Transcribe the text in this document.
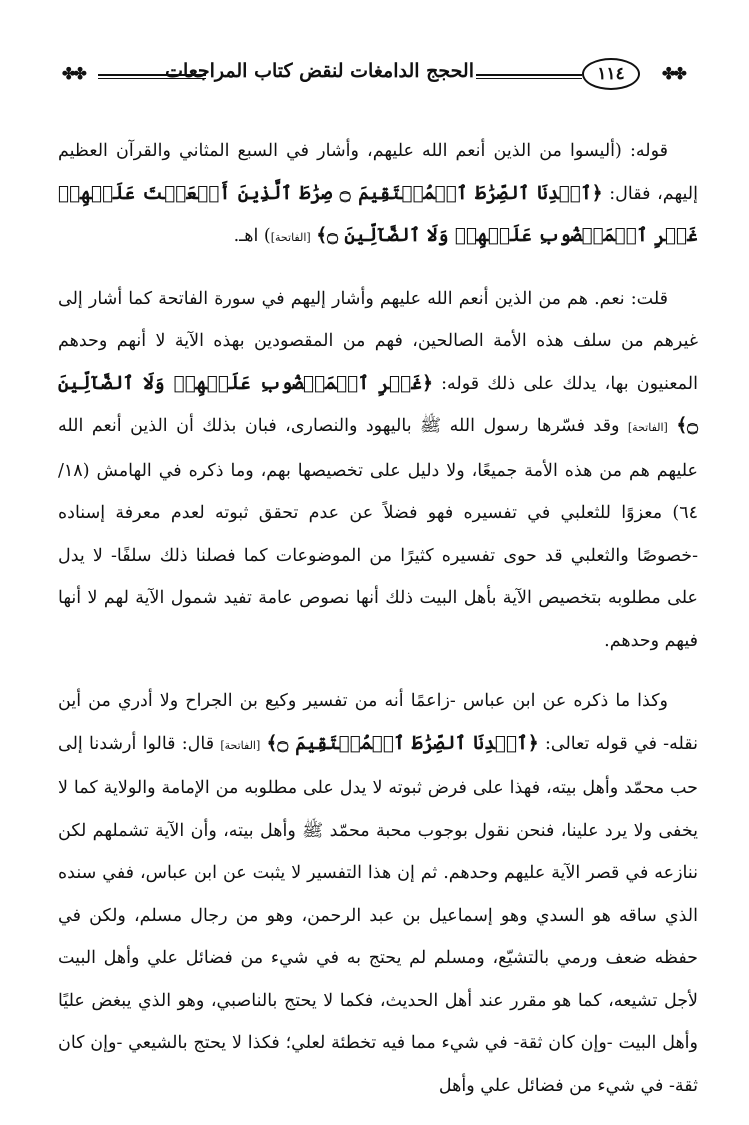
✤✤	الحجج الدامغات لنقض كتاب المراجعات	١١٤ ✤✤

قوله: (أليسوا من الذين أنعم الله عليهم، وأشار في السبع المثاني والقرآن العظيم إليهم، فقال: ﴿ٱهۡدِنَا ٱلصِّرَٰطَ ٱلۡمُسۡتَقِيمَ ۝ صِرَٰطَ ٱلَّذِينَ أَنۡعَمۡتَ عَلَيۡهِمۡ غَيۡرِ ٱلۡمَغۡضُوبِ عَلَيۡهِمۡ وَلَا ٱلضَّآلِّينَ ۝﴾ [الفاتحة]) اهـ.

قلت: نعم. هم من الذين أنعم الله عليهم وأشار إليهم في سورة الفاتحة كما أشار إلى غيرهم من سلف هذه الأمة الصالحين، فهم من المقصودين بهذه الآية لا أنهم وحدهم المعنيون بها، يدلك على ذلك قوله: ﴿غَيۡرِ ٱلۡمَغۡضُوبِ عَلَيۡهِمۡ وَلَا ٱلضَّآلِّينَ ۝﴾ [الفاتحة] وقد فسّرها رسول الله ﷺ باليهود والنصارى، فبان بذلك أن الذين أنعم الله عليهم هم من هذه الأمة جميعًا، ولا دليل على تخصيصها بهم، وما ذكره في الهامش (١٨/ ٦٤) معزوًا للثعلبي في تفسيره فهو فضلاً عن عدم تحقق ثبوته لعدم معرفة إسناده -خصوصًا والثعلبي قد حوى تفسيره كثيرًا من الموضوعات كما فصلنا ذلك سلفًا- لا يدل على مطلوبه بتخصيص الآية بأهل البيت ذلك أنها نصوص عامة تفيد شمول الآية لهم لا أنها فيهم وحدهم.

وكذا ما ذكره عن ابن عباس -زاعمًا أنه من تفسير وكيع بن الجراح ولا أدري من أين نقله- في قوله تعالى: ﴿ٱهۡدِنَا ٱلصِّرَٰطَ ٱلۡمُسۡتَقِيمَ ۝﴾ [الفاتحة] قال: قالوا أرشدنا إلى حب محمّد وأهل بيته، فهذا على فرض ثبوته لا يدل على مطلوبه من الإمامة والولاية كما لا يخفى ولا يرد علينا، فنحن نقول بوجوب محبة محمّد ﷺ وأهل بيته، وأن الآية تشملهم لكن ننازعه في قصر الآية عليهم وحدهم. ثم إن هذا التفسير لا يثبت عن ابن عباس، ففي سنده الذي ساقه هو السدي وهو إسماعيل بن عبد الرحمن، وهو من رجال مسلم، ولكن في حفظه ضعف ورمي بالتشيّع، ومسلم لم يحتج به في شيء من فضائل علي وأهل البيت لأجل تشيعه، كما هو مقرر عند أهل الحديث، فكما لا يحتج بالناصبي، وهو الذي يبغض عليًا وأهل البيت -وإن كان ثقة- في شيء مما فيه تخطئة لعلي؛ فكذا لا يحتج بالشيعي -وإن كان ثقة- في شيء من فضائل علي وأهل
